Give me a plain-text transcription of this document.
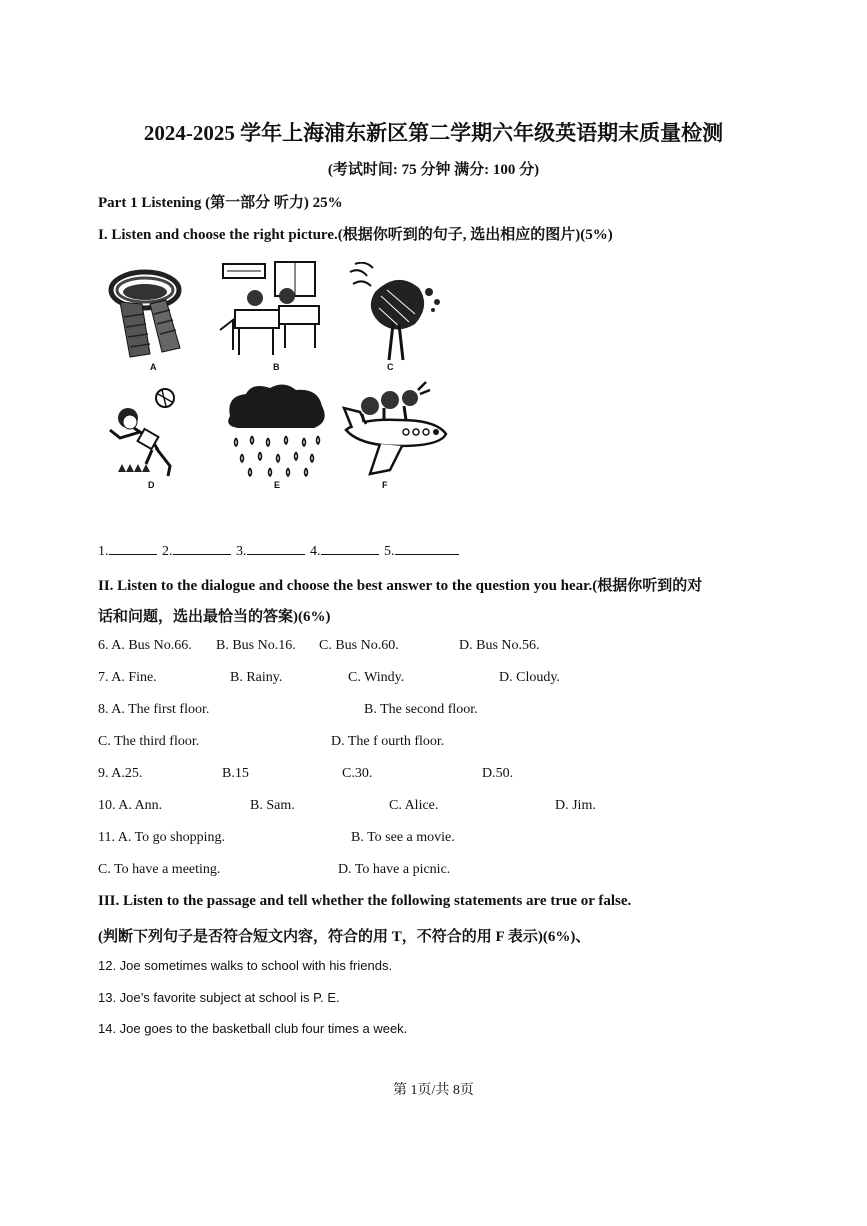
2024-2025 学年上海浦东新区第二学期六年级英语期末质量检测
(考试时间: 75 分钟 满分: 100 分)
Part 1 Listening (第一部分 听力) 25%
I. Listen and choose the right picture.(根据你听到的句子, 选出相应的图片)(5%)
A	B	C
D	E	F
1.	2.	3.	4.	5.
II. Listen to the dialogue and choose the best answer to the question you hear.(根据你听到的对
话和问题，选出最恰当的答案)(6%)
6. A. Bus No.66. B. Bus No.16. C. Bus No.60.	D. Bus No.56.
7. A. Fine.	B. Rainy.	C. Windy.	D. Cloudy.
8. A. The first floor.	B. The second floor.
C. The third floor.	D. The f ourth floor.
9. A.25.	B.15	C.30.	D.50.
10. A. Ann.	B. Sam.	C. Alice.	D. Jim.
11. A. To go shopping.	B. To see a movie.
C. To have a meeting.	D. To have a picnic.
III. Listen to the passage and tell whether the following statements are true or false.
(判断下列句子是否符合短文内容，符合的用 T，不符合的用 F 表示)(6%)、
12. Joe sometimes walks to school with his friends.
13. Joe’s favorite subject at school is P. E.
14. Joe goes to the basketball club four times a week.
第 1页/共 8页
